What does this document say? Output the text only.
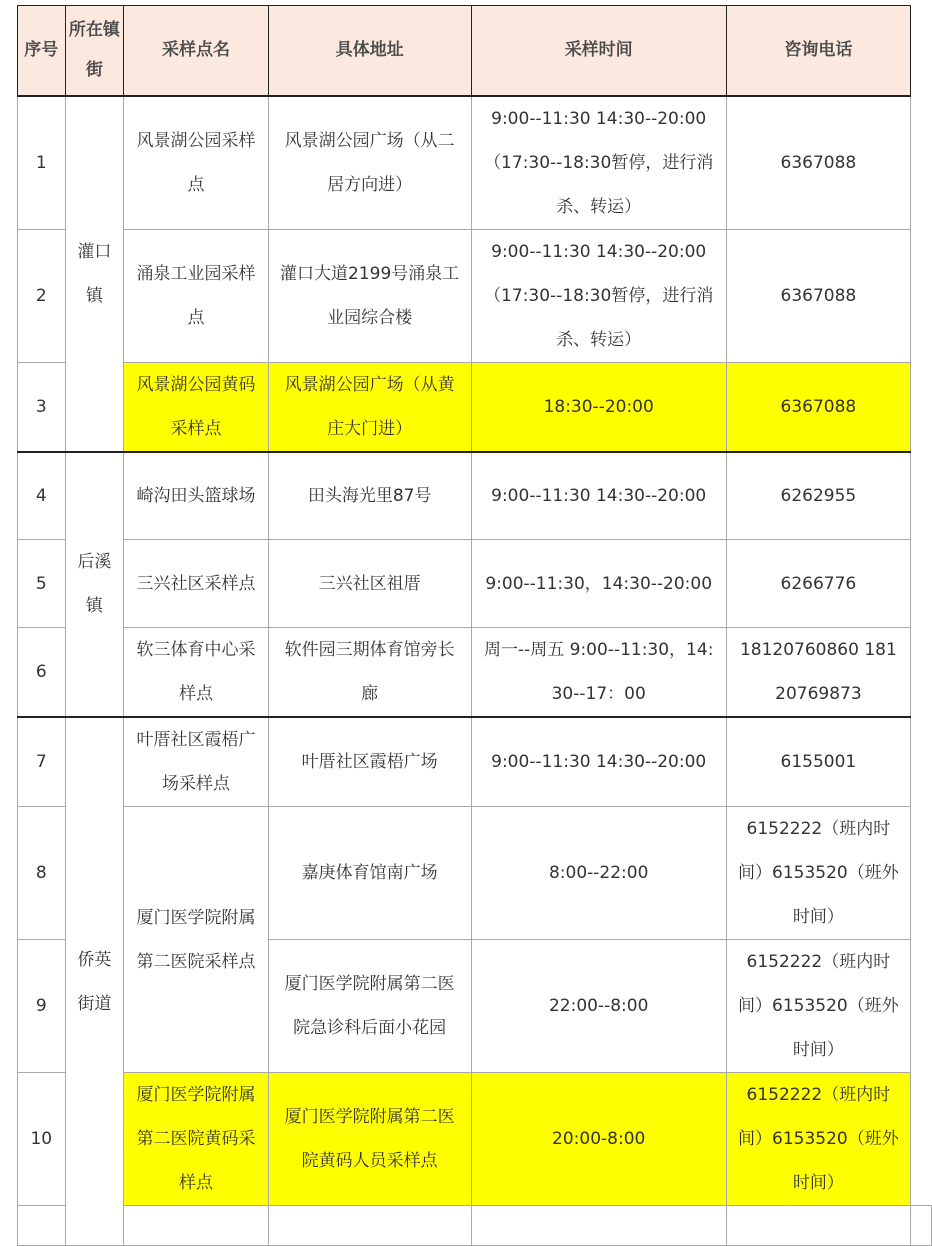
序号	所在镇街	采样点名	具体地址	采样时间	咨询电话	
1	灌口镇	风景湖公园采样点	风景湖公园广场（从二居方向进）	9:00--11:30 14:30--20:00（17:30--18:30暂停，进行消杀、转运）	6367088	
2		涌泉工业园采样点	灌口大道2199号涌泉工业园综合楼	9:00--11:30 14:30--20:00（17:30--18:30暂停，进行消杀、转运）	6367088	
3		风景湖公园黄码采样点	风景湖公园广场（从黄庄大门进）	18:30--20:00	6367088	
4	后溪镇	崎沟田头篮球场	田头海光里87号	9:00--11:30 14:30--20:00	6262955	
5		三兴社区采样点	三兴社区祖厝	9:00--11:30，14:30--20:00	6266776	
6		软三体育中心采样点	软件园三期体育馆旁长廊	周一--周五 9:00--11:30，14:30--17：00	18120760860 18120769873	
7	侨英街道	叶厝社区霞梧广场采样点	叶厝社区霞梧广场	9:00--11:30 14:30--20:00	6155001	
8		厦门医学院附属第二医院采样点	嘉庚体育馆南广场	8:00--22:00	6152222（班内时间）6153520（班外时间）	
9			厦门医学院附属第二医院急诊科后面小花园	22:00--8:00	6152222（班内时间）6153520（班外时间）	
10		厦门医学院附属第二医院黄码采样点	厦门医学院附属第二医院黄码人员采样点	20:00-8:00	6152222（班内时间）6153520（班外时间）	
